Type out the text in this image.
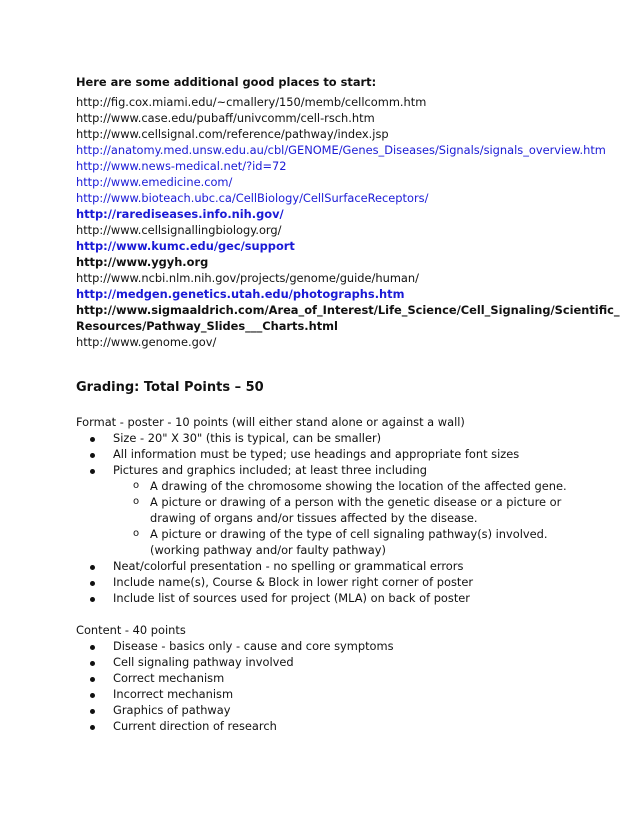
Here are some additional good places to start:
http://fig.cox.miami.edu/~cmallery/150/memb/cellcomm.htm
http://www.case.edu/pubaff/univcomm/cell-rsch.htm
http://www.cellsignal.com/reference/pathway/index.jsp
http://anatomy.med.unsw.edu.au/cbl/GENOME/Genes_Diseases/Signals/signals_overview.htm
http://www.news-medical.net/?id=72
http://www.emedicine.com/
http://www.bioteach.ubc.ca/CellBiology/CellSurfaceReceptors/
http://rarediseases.info.nih.gov/
http://www.cellsignallingbiology.org/
http://www.kumc.edu/gec/support
http://www.ygyh.org
http://www.ncbi.nlm.nih.gov/projects/genome/guide/human/
http://medgen.genetics.utah.edu/photographs.htm
http://www.sigmaaldrich.com/Area_of_Interest/Life_Science/Cell_Signaling/Scientific_
Resources/Pathway_Slides___Charts.html
http://www.genome.gov/
Grading: Total Points – 50
Format - poster - 10 points (will either stand alone or against a wall)
Size - 20" X 30" (this is typical, can be smaller)
All information must be typed; use headings and appropriate font sizes
Pictures and graphics included; at least three including
o A drawing of the chromosome showing the location of the affected gene.
o A picture or drawing of a person with the genetic disease or a picture or
drawing of organs and/or tissues affected by the disease.
o A picture or drawing of the type of cell signaling pathway(s) involved.
(working pathway and/or faulty pathway)
Neat/colorful presentation - no spelling or grammatical errors
Include name(s), Course & Block in lower right corner of poster
Include list of sources used for project (MLA) on back of poster
Content - 40 points
Disease - basics only - cause and core symptoms
Cell signaling pathway involved
Correct mechanism
Incorrect mechanism
Graphics of pathway
Current direction of research
